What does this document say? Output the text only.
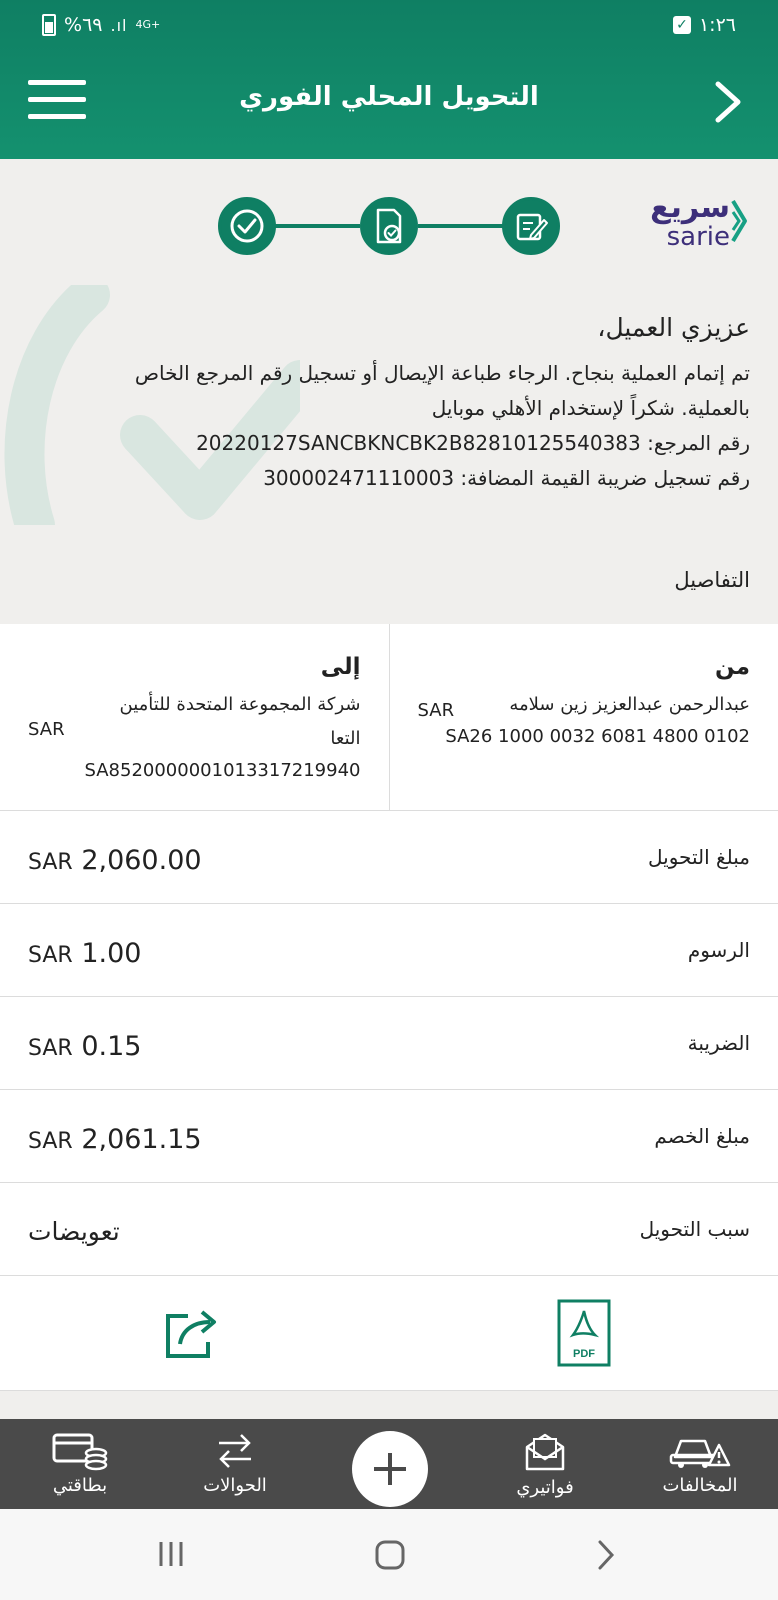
%٦٩ .ıl 4G+	✓ ١:٢٦
التحويل المحلي الفوري
سريع
sarie
عزيزي العميل،

تم إتمام العملية بنجاح. الرجاء طباعة الإيصال أو تسجيل رقم المرجع الخاص

بالعملية. شكراً لإستخدام الأهلي موبايل

رقم المرجع: 20220127SANCBKNCBK2B82810125540383

رقم تسجيل ضريبة القيمة المضافة: 300002471110003

التفاصيل
إلى
شركة المجموعة المتحدة للتأمين التعا
SA8520000001013317219940
SAR
من
عبدالرحمن عبدالعزيز زين سلامه
SA26 1000 0032 6081 4800 0102
SAR
مبلغ التحويل
SAR 2,060.00
الرسوم
SAR 1.00
الضريبة
SAR 0.15
مبلغ الخصم
SAR 2,061.15
سبب التحويل
تعويضات
PDF
بطاقتي	الحوالات	فواتيري	المخالفات
